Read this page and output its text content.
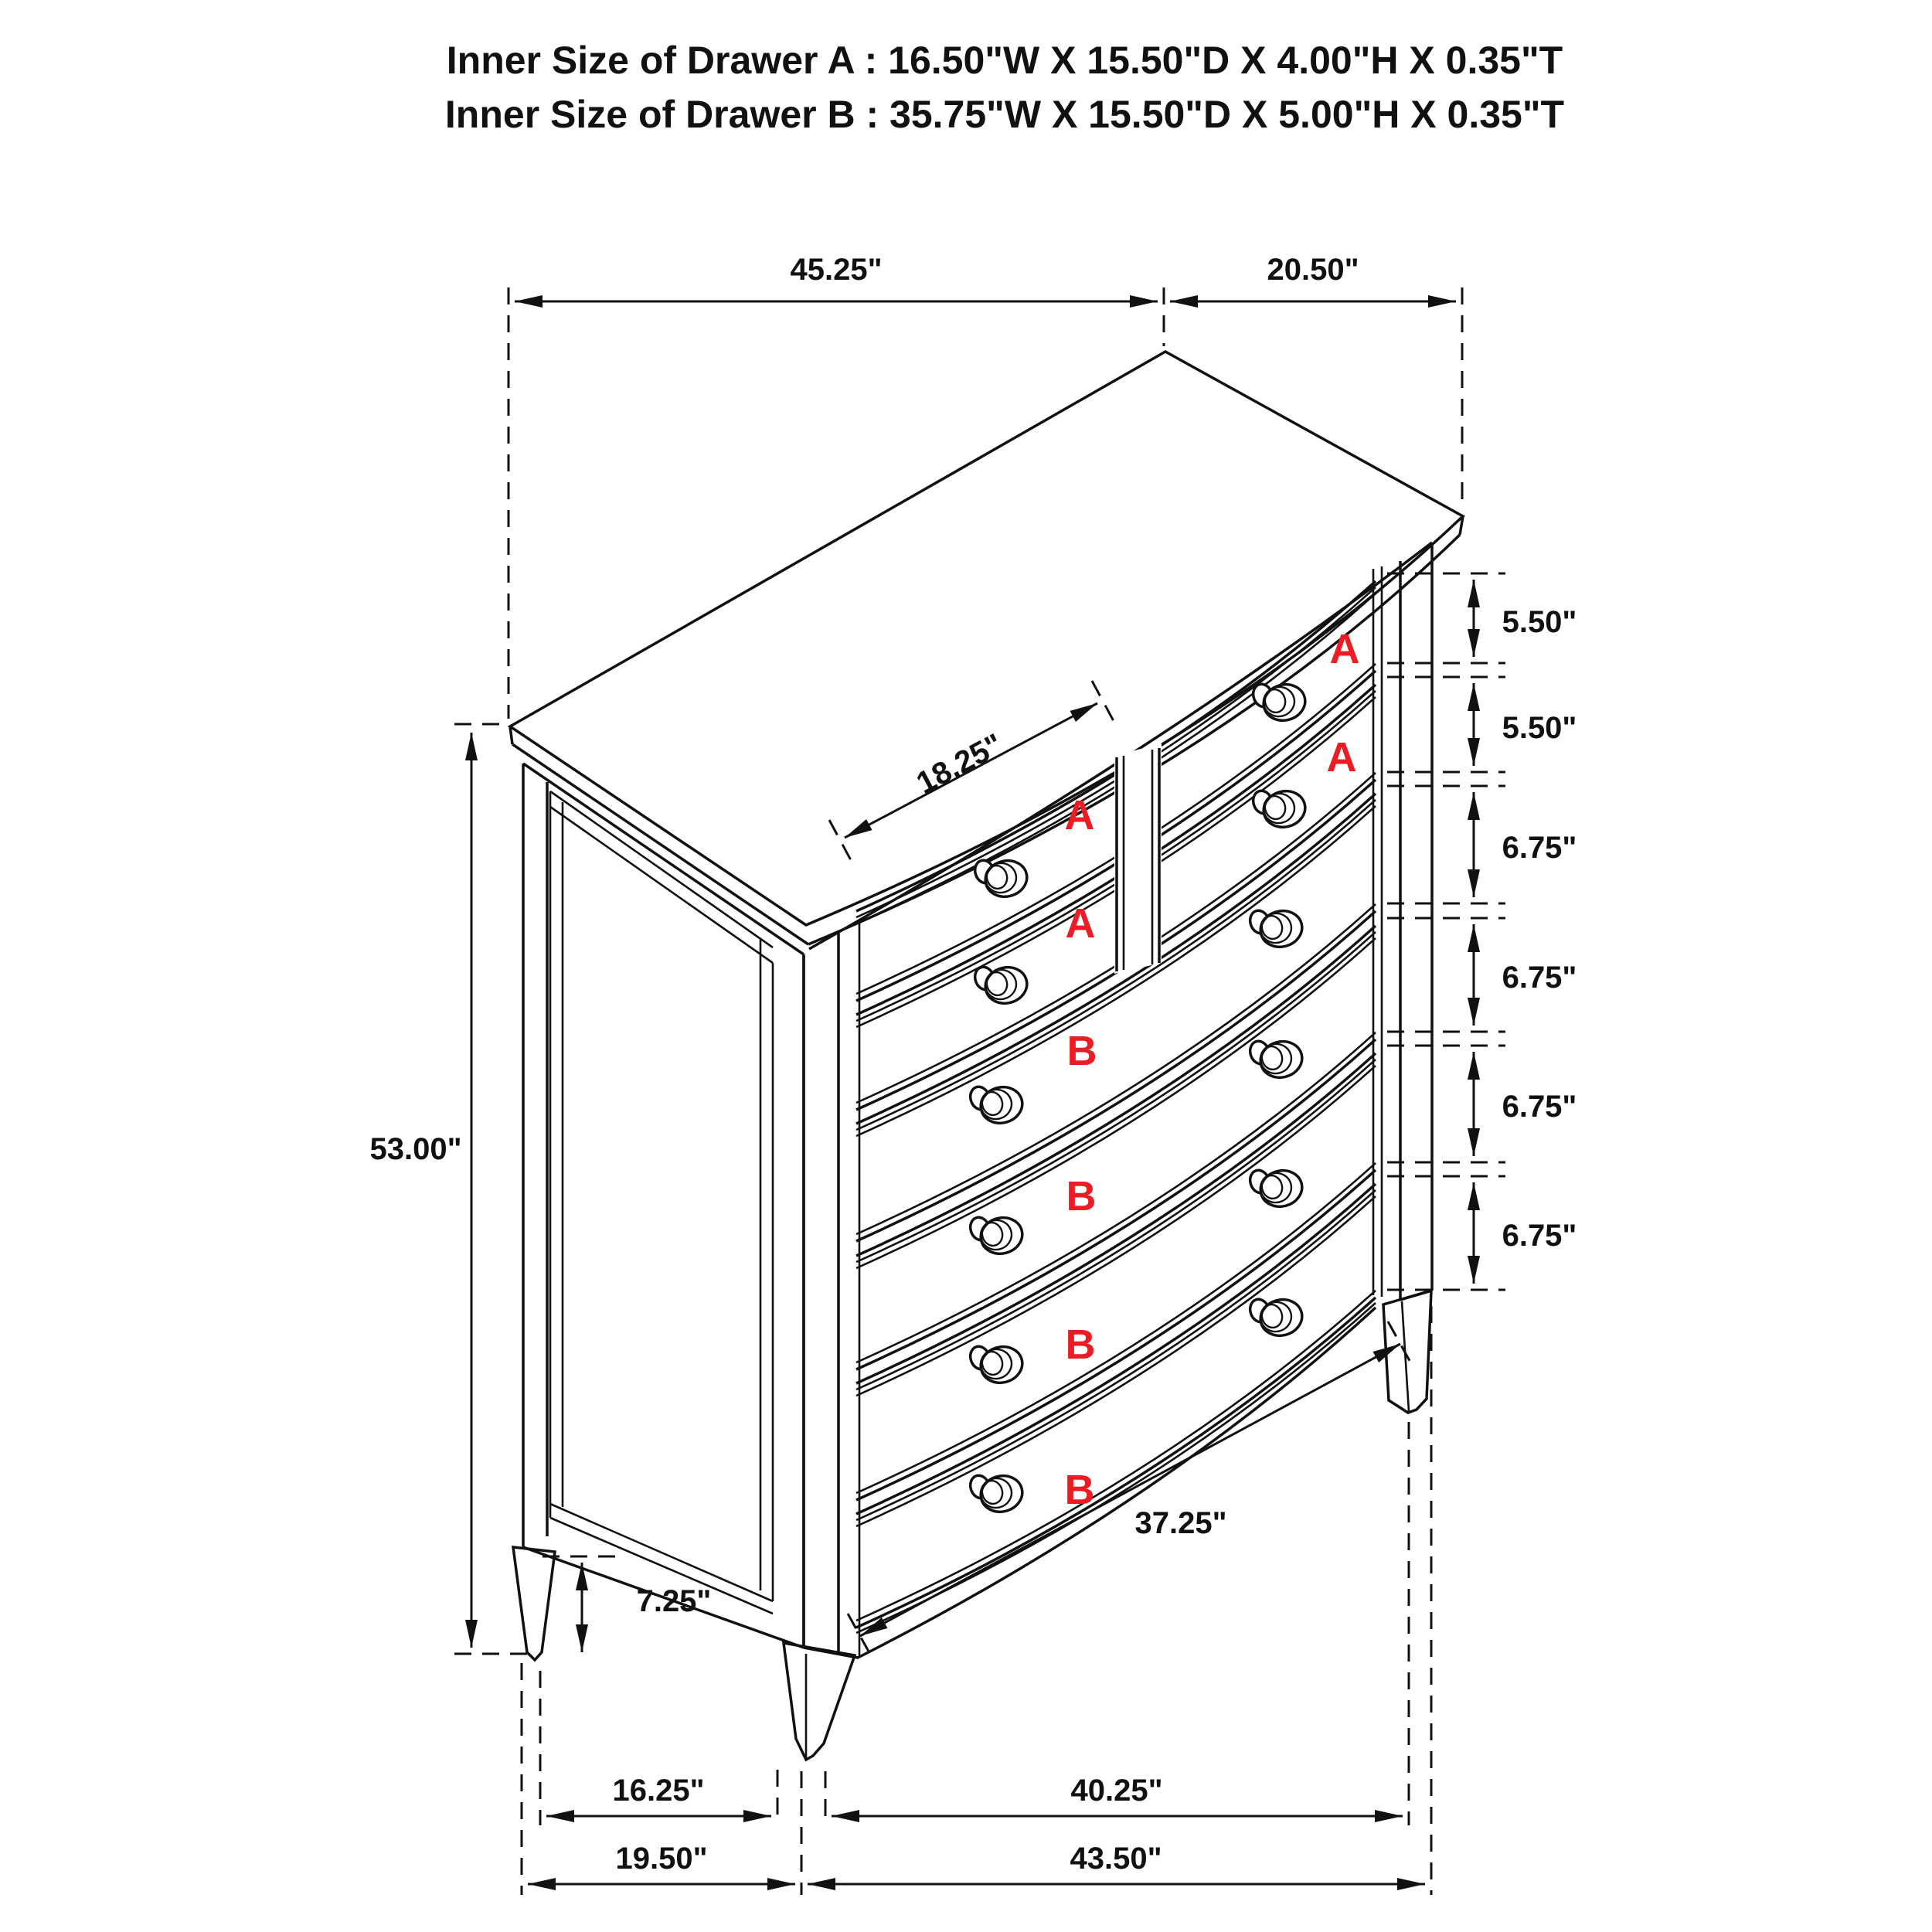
Inner Size of Drawer A : 16.50"W X 15.50"D X 4.00"H X 0.35"T
Inner Size of Drawer B : 35.75"W X 15.50"D X 5.00"H X 0.35"T
45.25"	20.50"
5.50"
5.50"
6.75"
6.75"
6.75"
6.75"
53.00"
18.25"
37.25"
7.25"
16.25"	40.25"
19.50"	43.50"
A
A
A
A
B
B
B
B
